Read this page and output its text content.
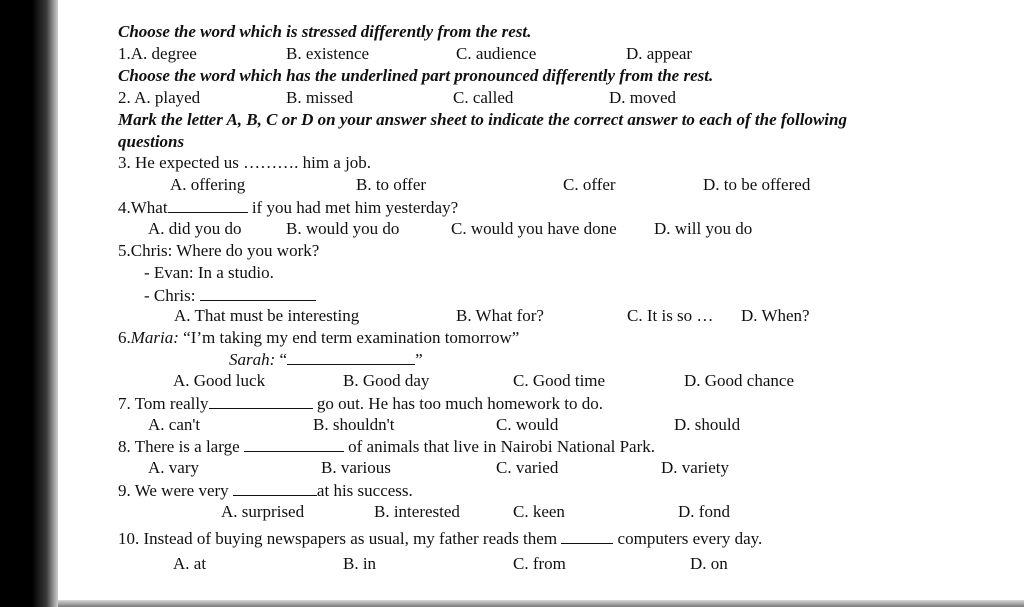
Choose the word which is stressed differently from the rest.
1.A. degree	B. existence	C. audience	D. appear
Choose the word which has the underlined part pronounced differently from the rest.
2. A. played	B. missed	C. called	D. moved
Mark the letter A, B, C or D on your answer sheet to indicate the correct answer to each of the following
questions
3. He expected us ………. him a job.
A. offering	B. to offer	C. offer	D. to be offered
4.What	if you had met him yesterday?
A. did you do	B. would you do	C. would you have done D. will you do
5.Chris: Where do you work?
- Evan: In a studio.
- Chris:
A. That must be interesting	B. What for?	C. It is so … D. When?
6.Maria: “I’m taking my end term examination tomorrow”
Sarah: “	”
A. Good luck	B. Good day	C. Good time	D. Good chance
7. Tom really	go out. He has too much homework to do.
A. can't	B. shouldn't	C. would	D. should
8. There is a large	of animals that live in Nairobi National Park.
A. vary	B. various	C. varied	D. variety
9. We were very	at his success.
A. surprised	B. interested	C. keen	D. fond
10. Instead of buying newspapers as usual, my father reads them	computers every day.
A. at	B. in	C. from	D. on
